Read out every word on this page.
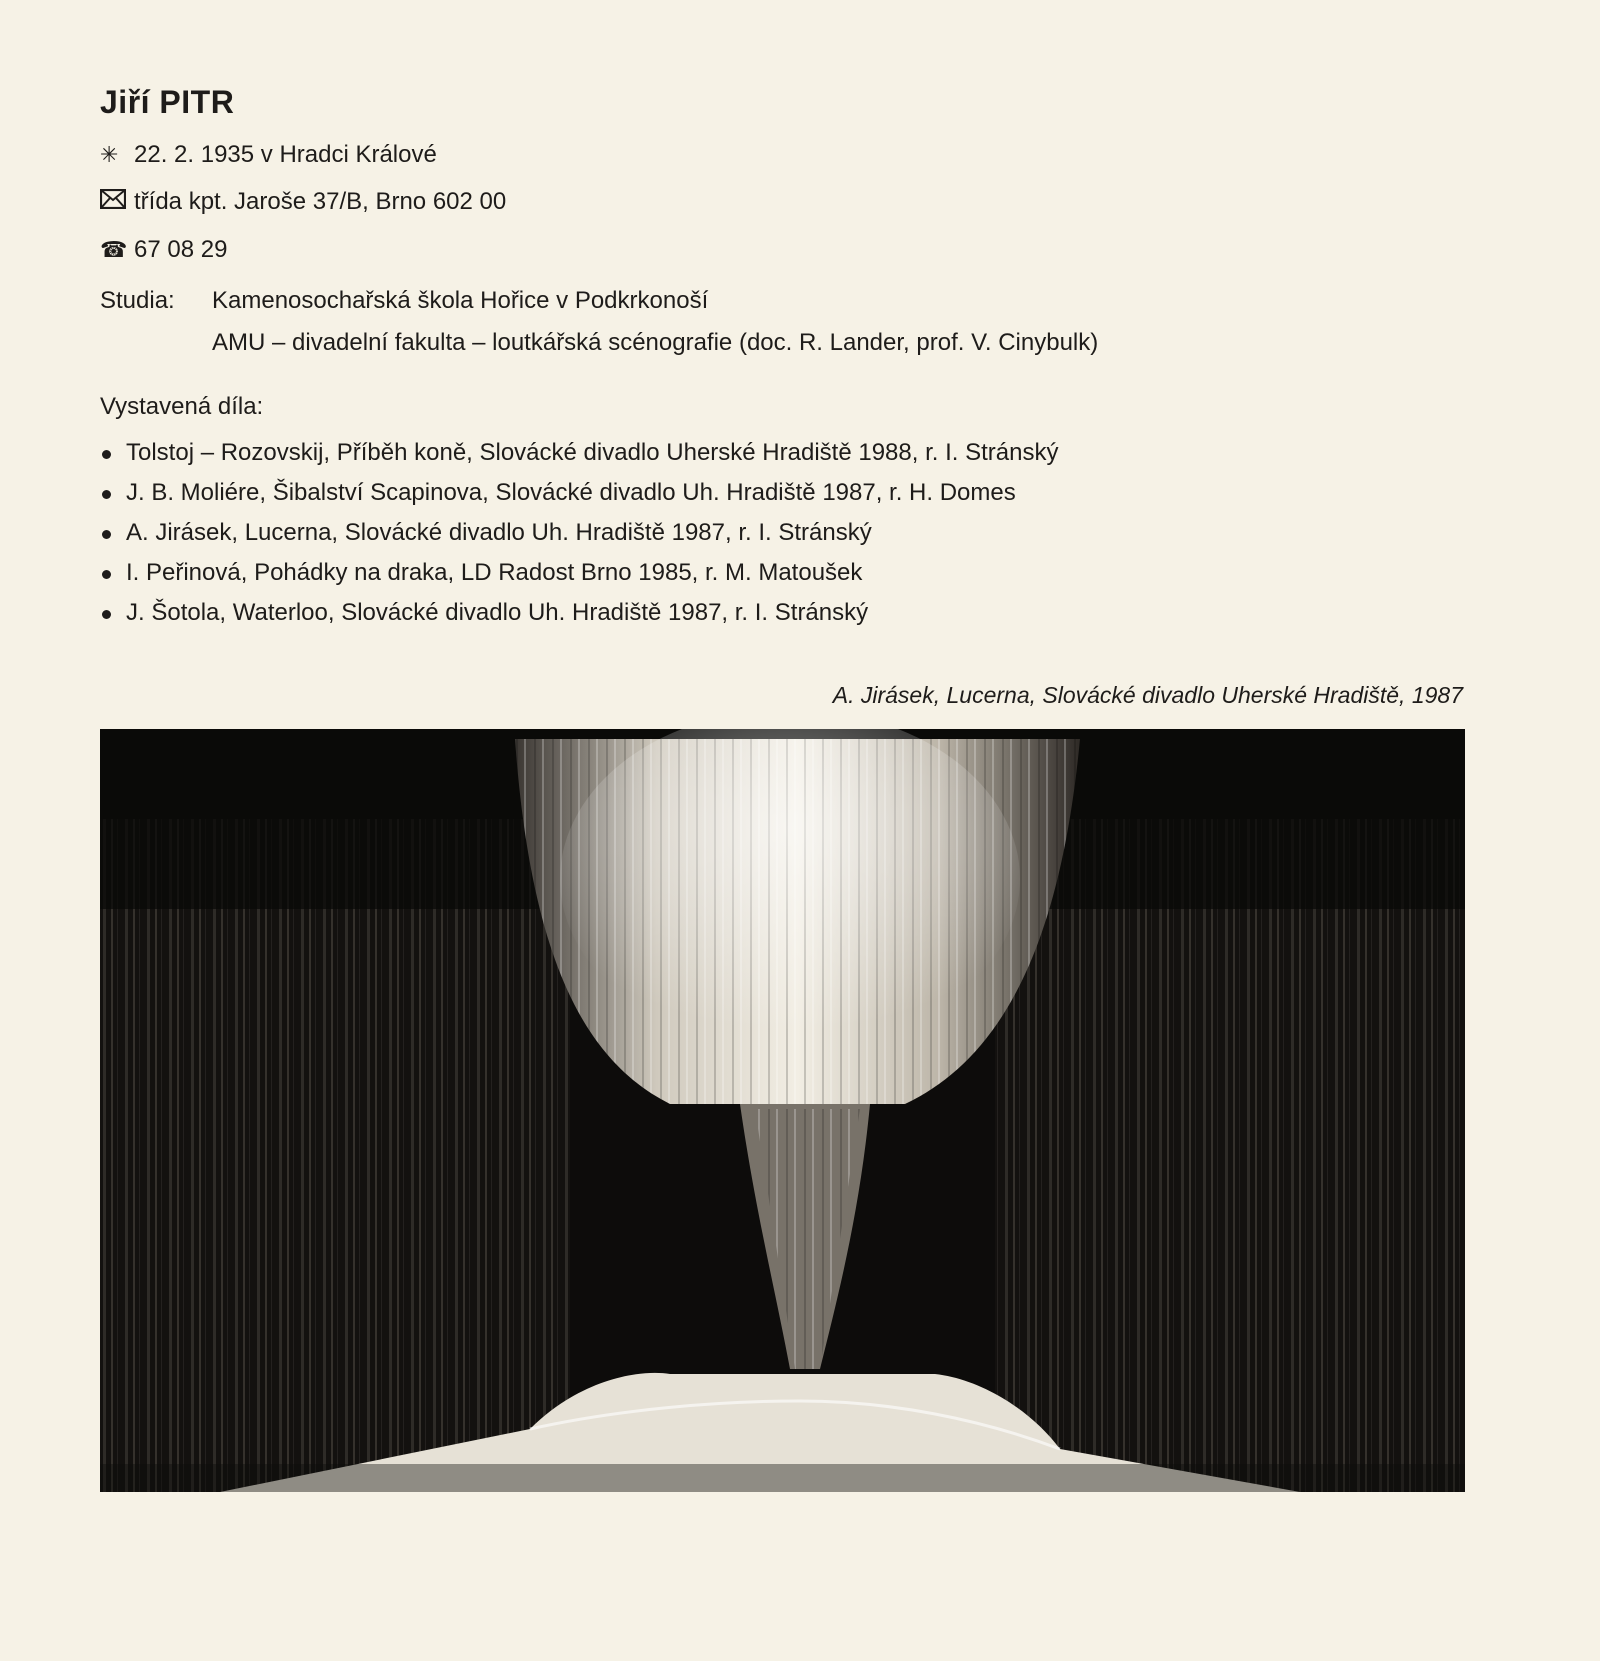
Jiří PITR
✳ 22. 2. 1935 v Hradci Králové
třída kpt. Jaroše 37/B, Brno 602 00
☎ 67 08 29
Studia: Kamenosochařská škola Hořice v Podkrkonoší
AMU – divadelní fakulta – loutkářská scénografie (doc. R. Lander, prof. V. Cinybulk)
Vystavená díla:
Tolstoj – Rozovskij, Příběh koně, Slovácké divadlo Uherské Hradiště 1988, r. I. Stránský
J. B. Moliére, Šibalství Scapinova, Slovácké divadlo Uh. Hradiště 1987, r. H. Domes
A. Jirásek, Lucerna, Slovácké divadlo Uh. Hradiště 1987, r. I. Stránský
I. Peřinová, Pohádky na draka, LD Radost Brno 1985, r. M. Matoušek
J. Šotola, Waterloo, Slovácké divadlo Uh. Hradiště 1987, r. I. Stránský
A. Jirásek, Lucerna, Slovácké divadlo Uherské Hradiště, 1987
